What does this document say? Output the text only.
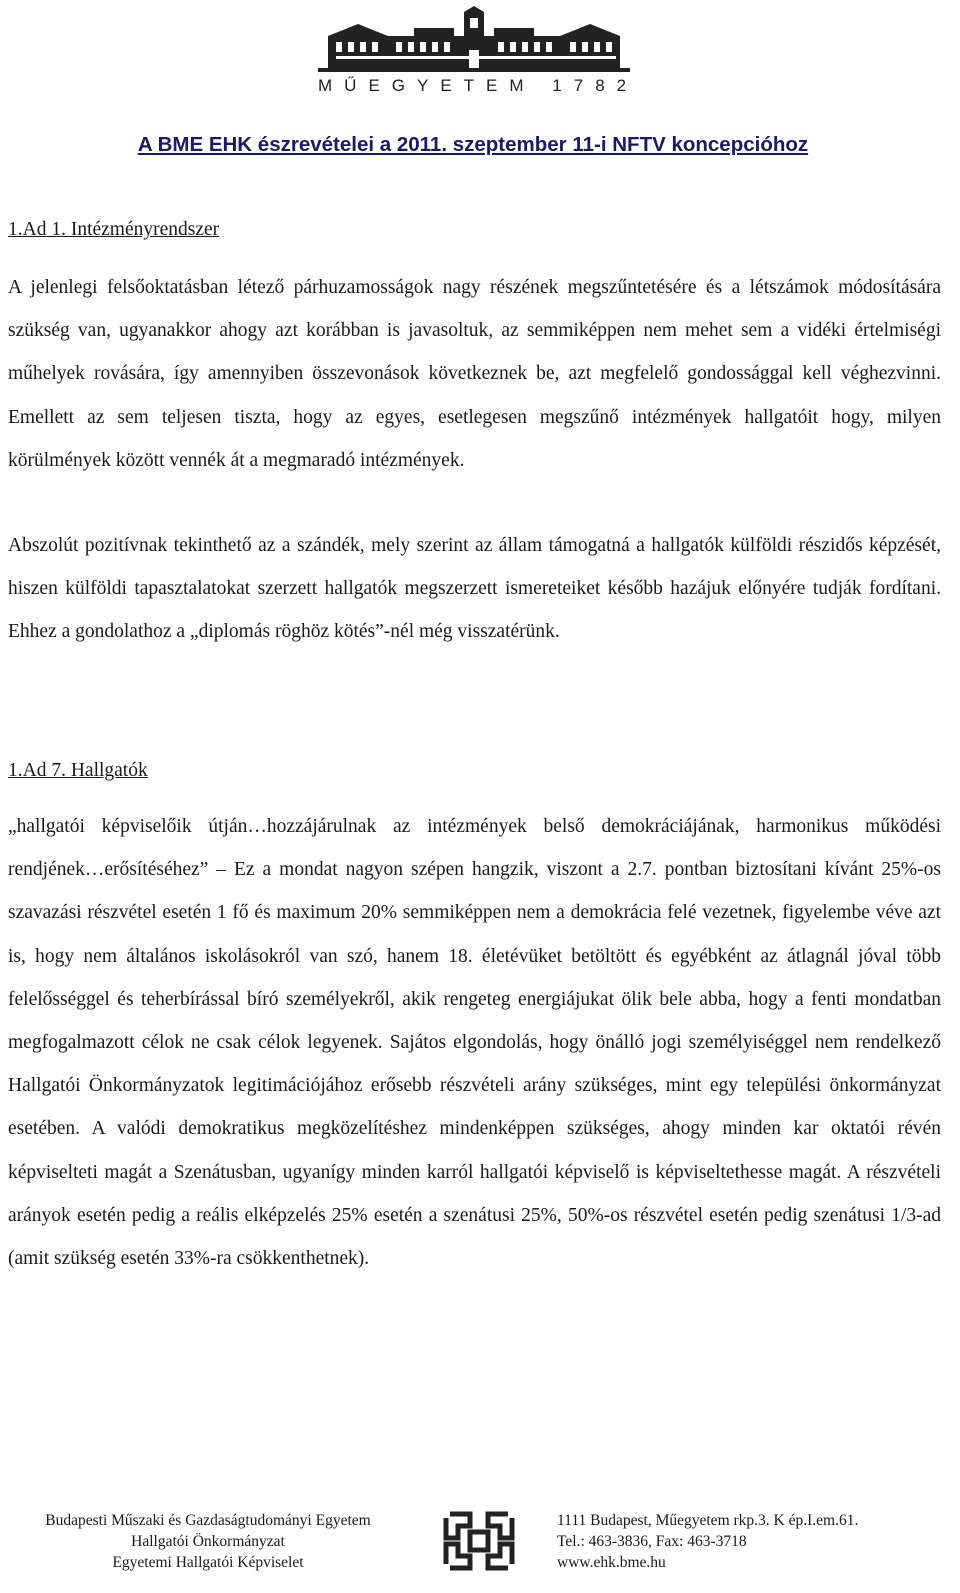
MŰEGYETEM 1782
A BME EHK észrevételei a 2011. szeptember 11-i NFTV koncepcióhoz
1.Ad 1. Intézményrendszer

A jelenlegi felsőoktatásban létező párhuzamosságok nagy részének megszűntetésére és a létszámok módosítására szükség van, ugyanakkor ahogy azt korábban is javasoltuk, az semmiképpen nem mehet sem a vidéki értelmiségi műhelyek rovására, így amennyiben összevonások következnek be, azt megfelelő gondossággal kell véghezvinni. Emellett az sem teljesen tiszta, hogy az egyes, esetlegesen megszűnő intézmények hallgatóit hogy, milyen körülmények között vennék át a megmaradó intézmények.

Abszolút pozitívnak tekinthető az a szándék, mely szerint az állam támogatná a hallgatók külföldi részidős képzését, hiszen külföldi tapasztalatokat szerzett hallgatók megszerzett ismereteiket később hazájuk előnyére tudják fordítani. Ehhez a gondolathoz a „diplomás röghöz kötés”-nél még visszatérünk.

1.Ad 7. Hallgatók

„hallgatói képviselőik útján…hozzájárulnak az intézmények belső demokráciájának, harmonikus működési rendjének…erősítéséhez” – Ez a mondat nagyon szépen hangzik, viszont a 2.7. pontban biztosítani kívánt 25%-os szavazási részvétel esetén 1 fő és maximum 20% semmiképpen nem a demokrácia felé vezetnek, figyelembe véve azt is, hogy nem általános iskolásokról van szó, hanem 18. életévüket betöltött és egyébként az átlagnál jóval több felelősséggel és teherbírással bíró személyekről, akik rengeteg energiájukat ölik bele abba, hogy a fenti mondatban megfogalmazott célok ne csak célok legyenek. Sajátos elgondolás, hogy önálló jogi személyiséggel nem rendelkező Hallgatói Önkormányzatok legitimációjához erősebb részvételi arány szükséges, mint egy települési önkormányzat esetében. A valódi demokratikus megközelítéshez mindenképpen szükséges, ahogy minden kar oktatói révén képviselteti magát a Szenátusban, ugyanígy minden karról hallgatói képviselő is képviseltethesse magát. A részvételi arányok esetén pedig a reális elképzelés 25% esetén a szenátusi 25%, 50%-os részvétel esetén pedig szenátusi 1/3-ad (amit szükség esetén 33%-ra csökkenthetnek).

Budapesti Műszaki és Gazdaságtudományi Egyetem
Hallgatói Önkormányzat
Egyetemi Hallgatói Képviselet
1111 Budapest, Műegyetem rkp.3. K ép.I.em.61.
Tel.: 463-3836, Fax: 463-3718
www.ehk.bme.hu
